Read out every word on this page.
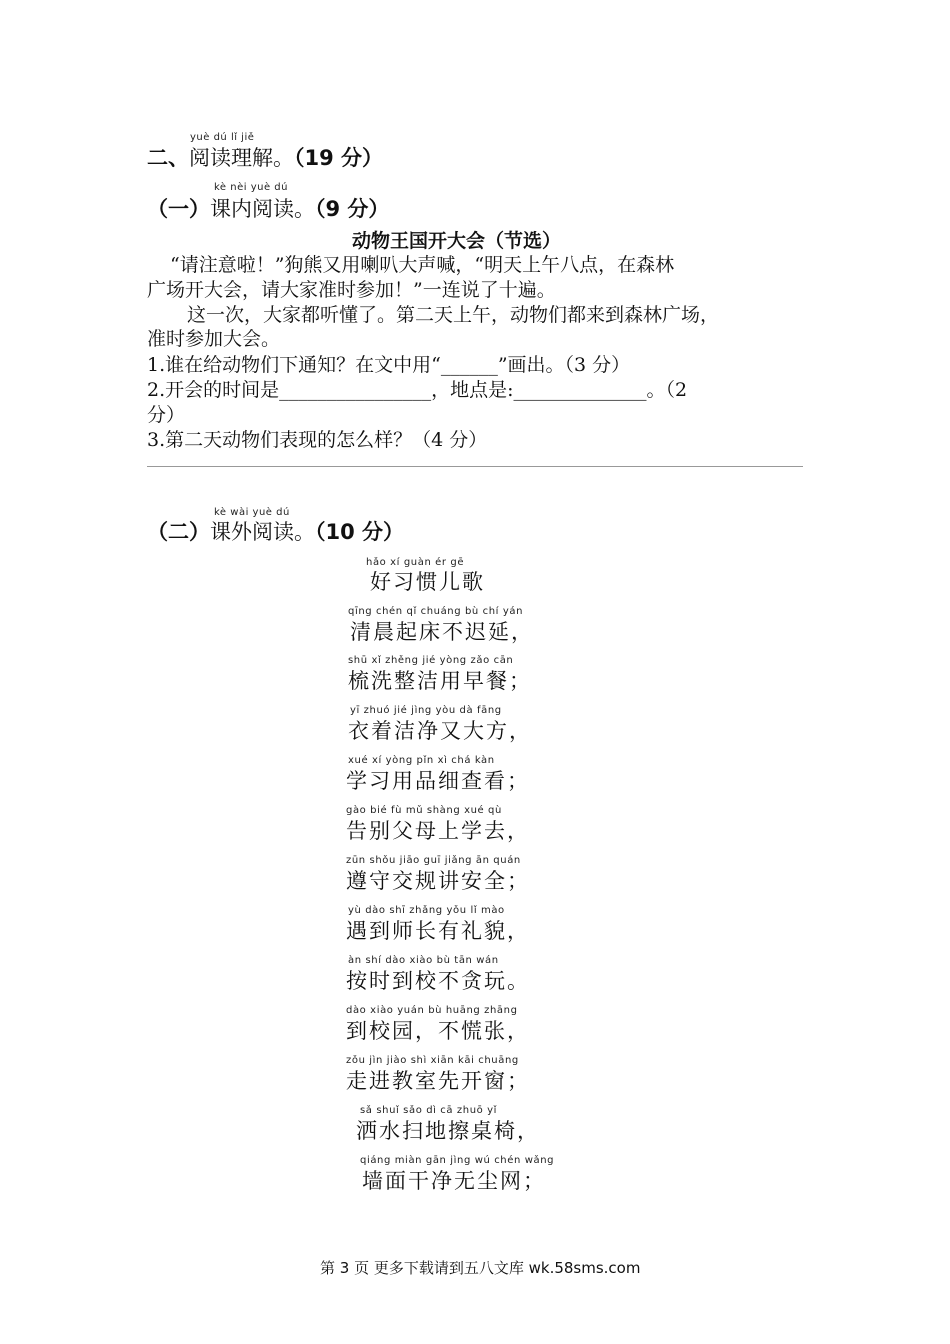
yuè dú lǐ jiě
二、阅读理解。（19 分）
kè nèi yuè dú
（一）课内阅读。（9 分）
动物王国开大会（节选）
“请注意啦！”狗熊又用喇叭大声喊，“明天上午八点，在森林
广场开大会，请大家准时参加！”一连说了十遍。
这一次，大家都听懂了。第二天上午，动物们都来到森林广场，
准时参加大会。
1.谁在给动物们下通知？在文中用“______”画出。（3 分）
2.开会的时间是________________，地点是:______________。（2
分）
3.第二天动物们表现的怎么样？（4 分）
kè wài yuè dú
（二）课外阅读。（10 分）
hǎo xí guàn ér gē
好习惯儿歌
qīng chén qǐ chuáng bù chí yán
清晨起床不迟延，
shū xǐ zhěng jié yòng zǎo cān
梳洗整洁用早餐；
yī zhuó jié jìng yòu dà fāng
衣着洁净又大方，
xué xí yòng pǐn xì chá kàn
学习用品细查看；
gào bié fù mǔ shàng xué qù
告别父母上学去，
zūn shǒu jiāo guī jiǎng ān quán
遵守交规讲安全；
yù dào shī zhǎng yǒu lǐ mào
遇到师长有礼貌，
àn shí dào xiào bù tān wán
按时到校不贪玩。
dào xiào yuán bù huāng zhāng
到校园，不慌张，
zǒu jìn jiào shì xiān kāi chuāng
走进教室先开窗；
sǎ shuǐ sǎo dì cā zhuō yǐ
洒水扫地擦桌椅，
qiáng miàn gān jìng wú chén wǎng
墙面干净无尘网；
第 3 页 更多下载请到五八文库 wk.58sms.com
